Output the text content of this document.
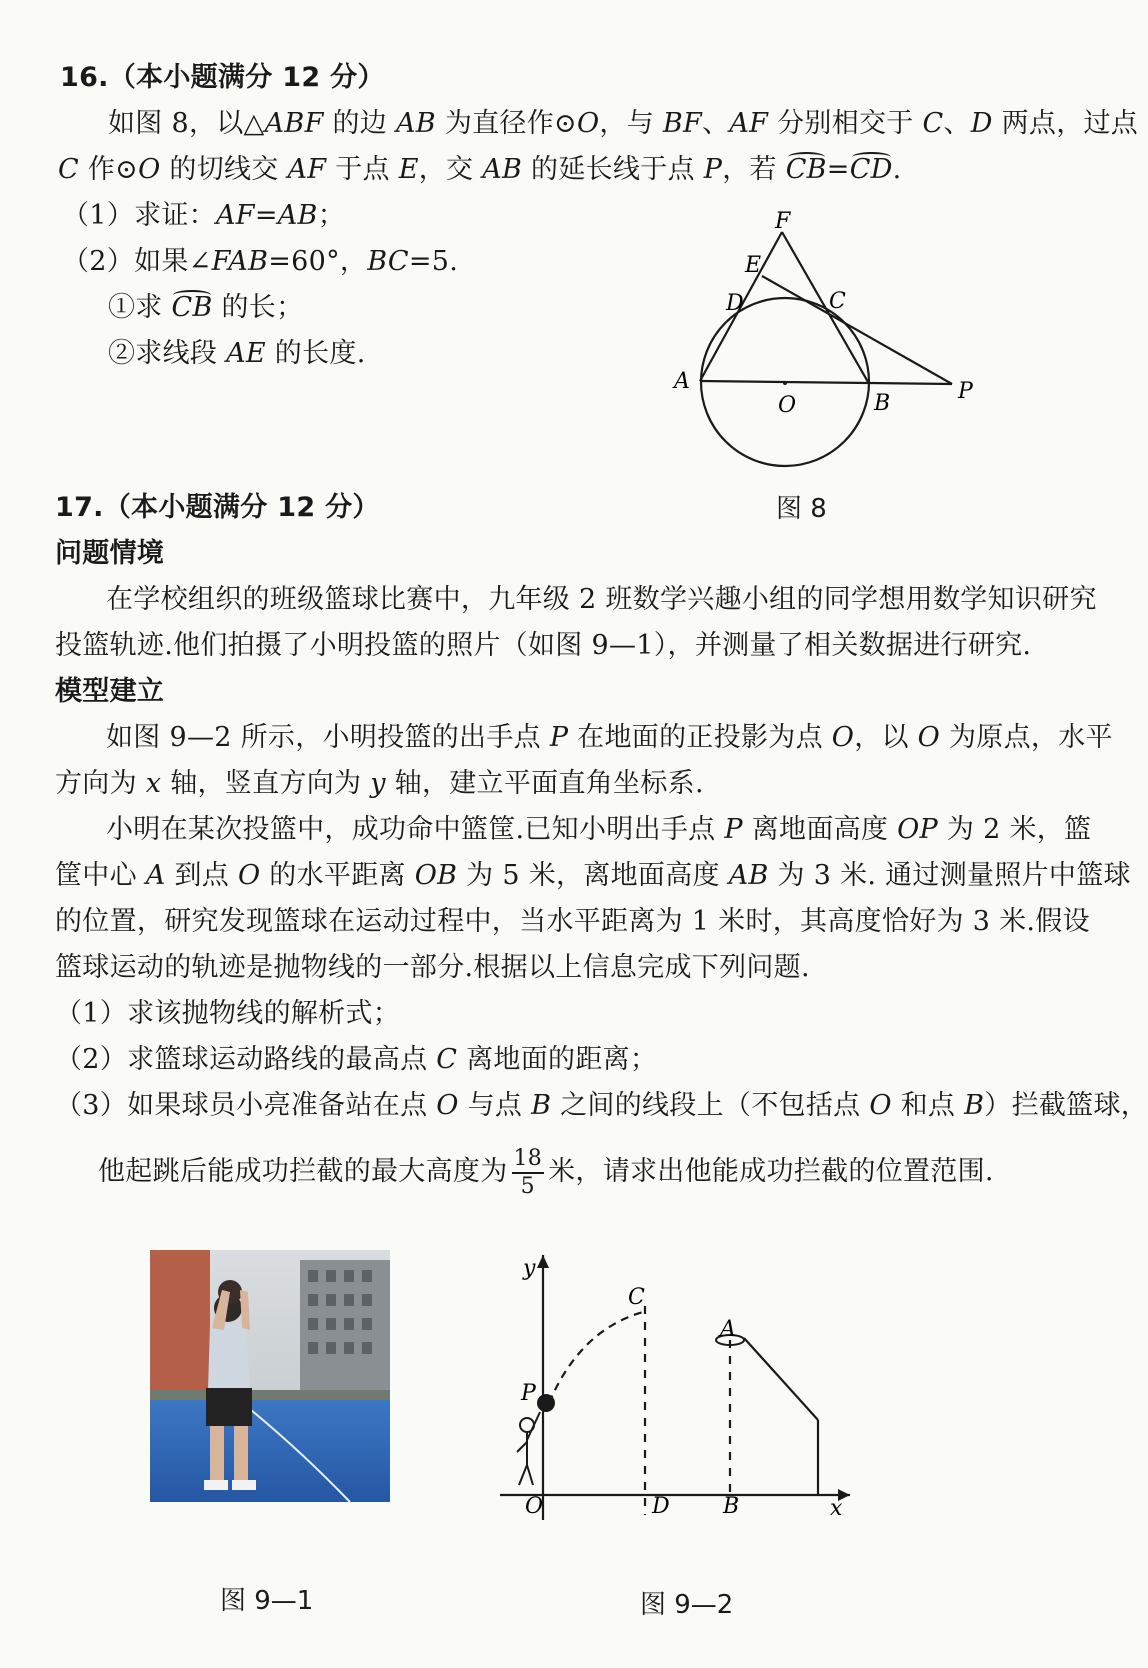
16.（本小题满分 12 分）
如图 8，以△ABF 的边 AB 为直径作⊙O，与 BF、AF 分别相交于 C、D 两点，过点
C 作⊙O 的切线交 AF 于点 E，交 AB 的延长线于点 P，若 CB=CD.
（1）求证：AF=AB；
（2）如果∠FAB=60°，BC=5.
①求 CB 的长；
②求线段 AE 的长度.
F
E
D	C
A
O	B	P
图 8
17.（本小题满分 12 分）
问题情境
在学校组织的班级篮球比赛中，九年级 2 班数学兴趣小组的同学想用数学知识研究
投篮轨迹.他们拍摄了小明投篮的照片（如图 9—1），并测量了相关数据进行研究.
模型建立
如图 9—2 所示，小明投篮的出手点 P 在地面的正投影为点 O，以 O 为原点，水平
方向为 x 轴，竖直方向为 y 轴，建立平面直角坐标系.
小明在某次投篮中，成功命中篮筐.已知小明出手点 P 离地面高度 OP 为 2 米，篮
筐中心 A 到点 O 的水平距离 OB 为 5 米，离地面高度 AB 为 3 米. 通过测量照片中篮球
的位置，研究发现篮球在运动过程中，当水平距离为 1 米时，其高度恰好为 3 米.假设
篮球运动的轨迹是抛物线的一部分.根据以上信息完成下列问题.
（1）求该抛物线的解析式；
（2）求篮球运动路线的最高点 C 离地面的距离；
（3）如果球员小亮准备站在点 O 与点 B 之间的线段上（不包括点 O 和点 B）拦截篮球，
他起跳后能成功拦截的最大高度为 $\frac{18}{5}$ 米，请求出他能成功拦截的位置范围.
图 9—1
y
C
A
P
O	D B	x
图 9—2
